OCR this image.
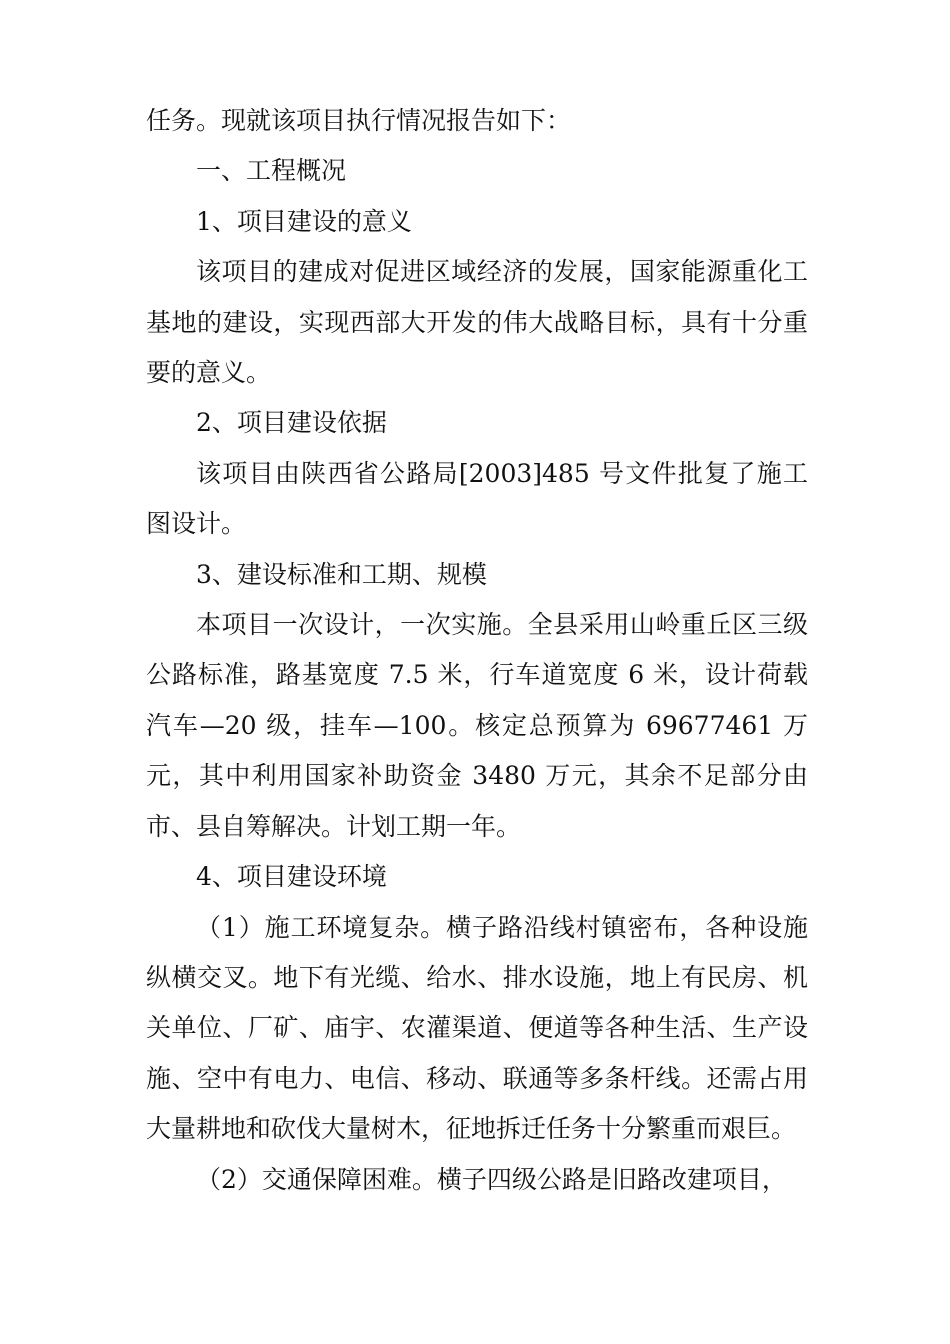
任务。现就该项目执行情况报告如下：

一、工程概况

1、项目建设的意义

该项目的建成对促进区域经济的发展，国家能源重化工基地的建设，实现西部大开发的伟大战略目标，具有十分重要的意义。

2、项目建设依据

该项目由陕西省公路局[2003]485 号文件批复了施工图设计。

3、建设标准和工期、规模

本项目一次设计，一次实施。全县采用山岭重丘区三级公路标准，路基宽度 7.5 米，行车道宽度 6 米，设计荷载汽车—20 级，挂车—100。核定总预算为 69677461 万元，其中利用国家补助资金 3480 万元，其余不足部分由市、县自筹解决。计划工期一年。

4、项目建设环境

（1）施工环境复杂。横子路沿线村镇密布，各种设施纵横交叉。地下有光缆、给水、排水设施，地上有民房、机关单位、厂矿、庙宇、农灌渠道、便道等各种生活、生产设施、空中有电力、电信、移动、联通等多条杆线。还需占用大量耕地和砍伐大量树木，征地拆迁任务十分繁重而艰巨。

（2）交通保障困难。横子四级公路是旧路改建项目，
